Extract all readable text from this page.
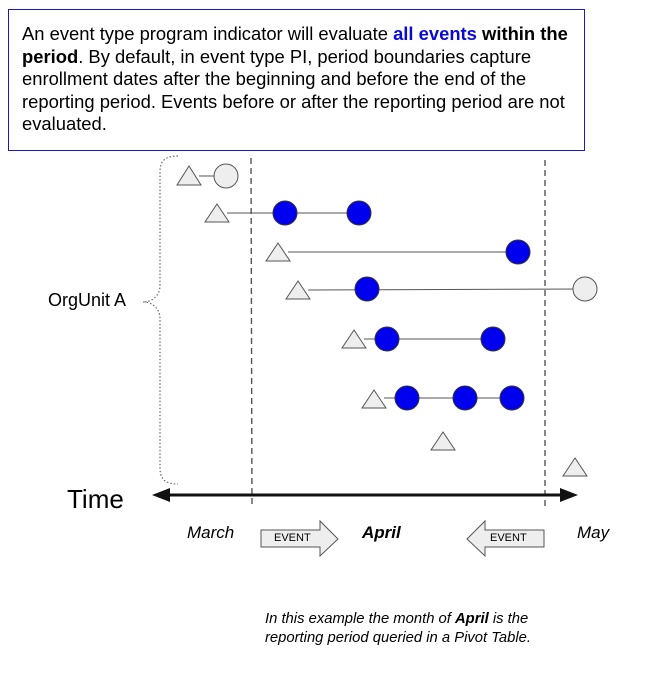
An event type program indicator will evaluate all events within the period. By default, in event type PI, period boundaries capture enrollment dates after the beginning and before the end of the reporting period. Events before or after the reporting period are not evaluated.
OrgUnit A
Time
March	April	May
EVENT	EVENT
In this example the month of April is the reporting period queried in a Pivot Table.
